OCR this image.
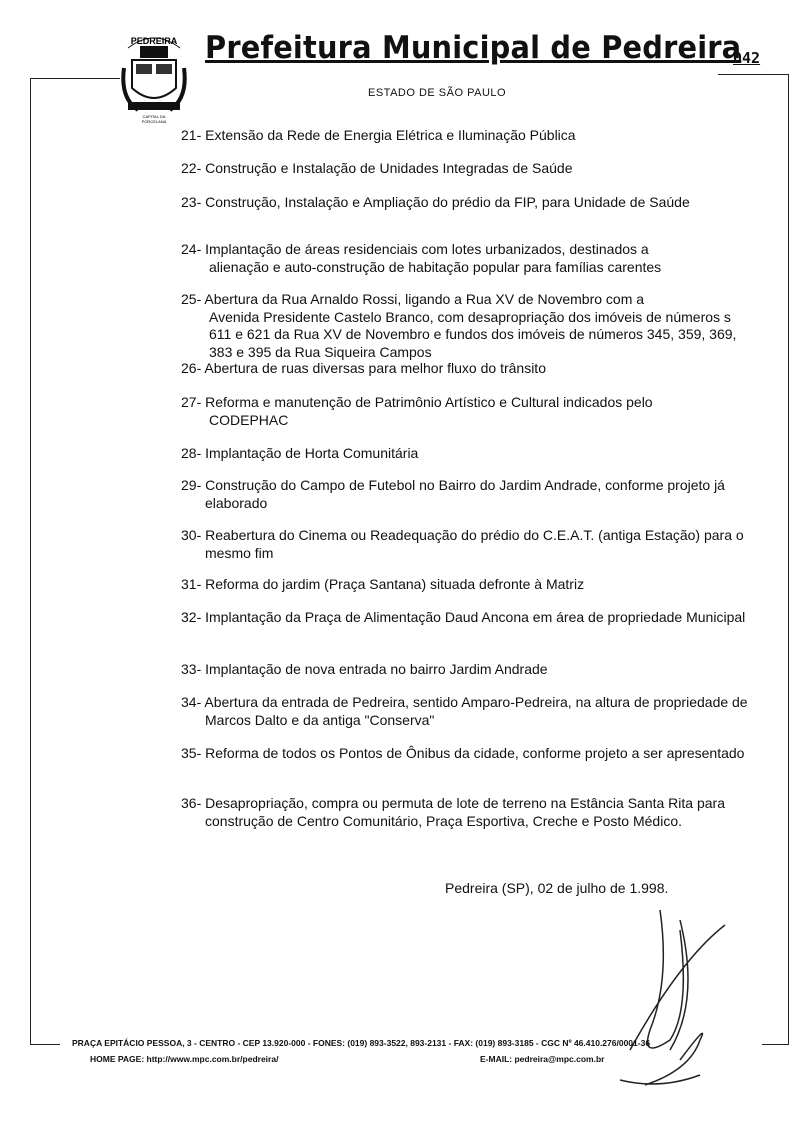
PEDREIRA
CAPITAL DA
PORCELANA
Prefeitura Municipal de Pedreira
ESTADO DE SÃO PAULO
042
21- Extensão da Rede de Energia Elétrica e Iluminação Pública
22- Construção e Instalação de Unidades Integradas de Saúde
23- Construção, Instalação e Ampliação do prédio da FIP, para Unidade de Saúde
24- Implantação de áreas residenciais com lotes urbanizados, destinados a
alienação e auto-construção de habitação popular para famílias carentes
25- Abertura da Rua Arnaldo Rossi, ligando a Rua XV de Novembro com a
Avenida Presidente Castelo Branco, com desapropriação dos imóveis de números s 611 e 621 da Rua XV de Novembro e fundos dos imóveis de números 345, 359, 369, 383 e 395 da Rua Siqueira Campos
26- Abertura de ruas diversas para melhor fluxo do trânsito
27- Reforma e manutenção de Patrimônio Artístico e Cultural indicados pelo
CODEPHAC
28- Implantação de Horta Comunitária
29- Construção do Campo de Futebol no Bairro do Jardim Andrade, conforme projeto já elaborado
30- Reabertura do Cinema ou Readequação do prédio do C.E.A.T. (antiga Estação) para o mesmo fim
31- Reforma do jardim (Praça Santana) situada defronte à Matriz
32- Implantação da Praça de Alimentação Daud Ancona em área de propriedade Municipal
33- Implantação de nova entrada no bairro Jardim Andrade
34- Abertura da entrada de Pedreira, sentido Amparo-Pedreira, na altura de propriedade de Marcos Dalto e da antiga "Conserva"
35- Reforma de todos os Pontos de Ônibus da cidade, conforme projeto a ser apresentado
36- Desapropriação, compra ou permuta de lote de terreno na Estância Santa Rita para construção de Centro Comunitário, Praça Esportiva, Creche e Posto Médico.
Pedreira (SP), 02 de julho de 1.998.
PRAÇA EPITÁCIO PESSOA, 3 - CENTRO - CEP 13.920-000 - FONES: (019) 893-3522, 893-2131 - FAX: (019) 893-3185 - CGC Nº 46.410.276/0001-36
HOME PAGE: http://www.mpc.com.br/pedreira/	E-MAIL: pedreira@mpc.com.br
